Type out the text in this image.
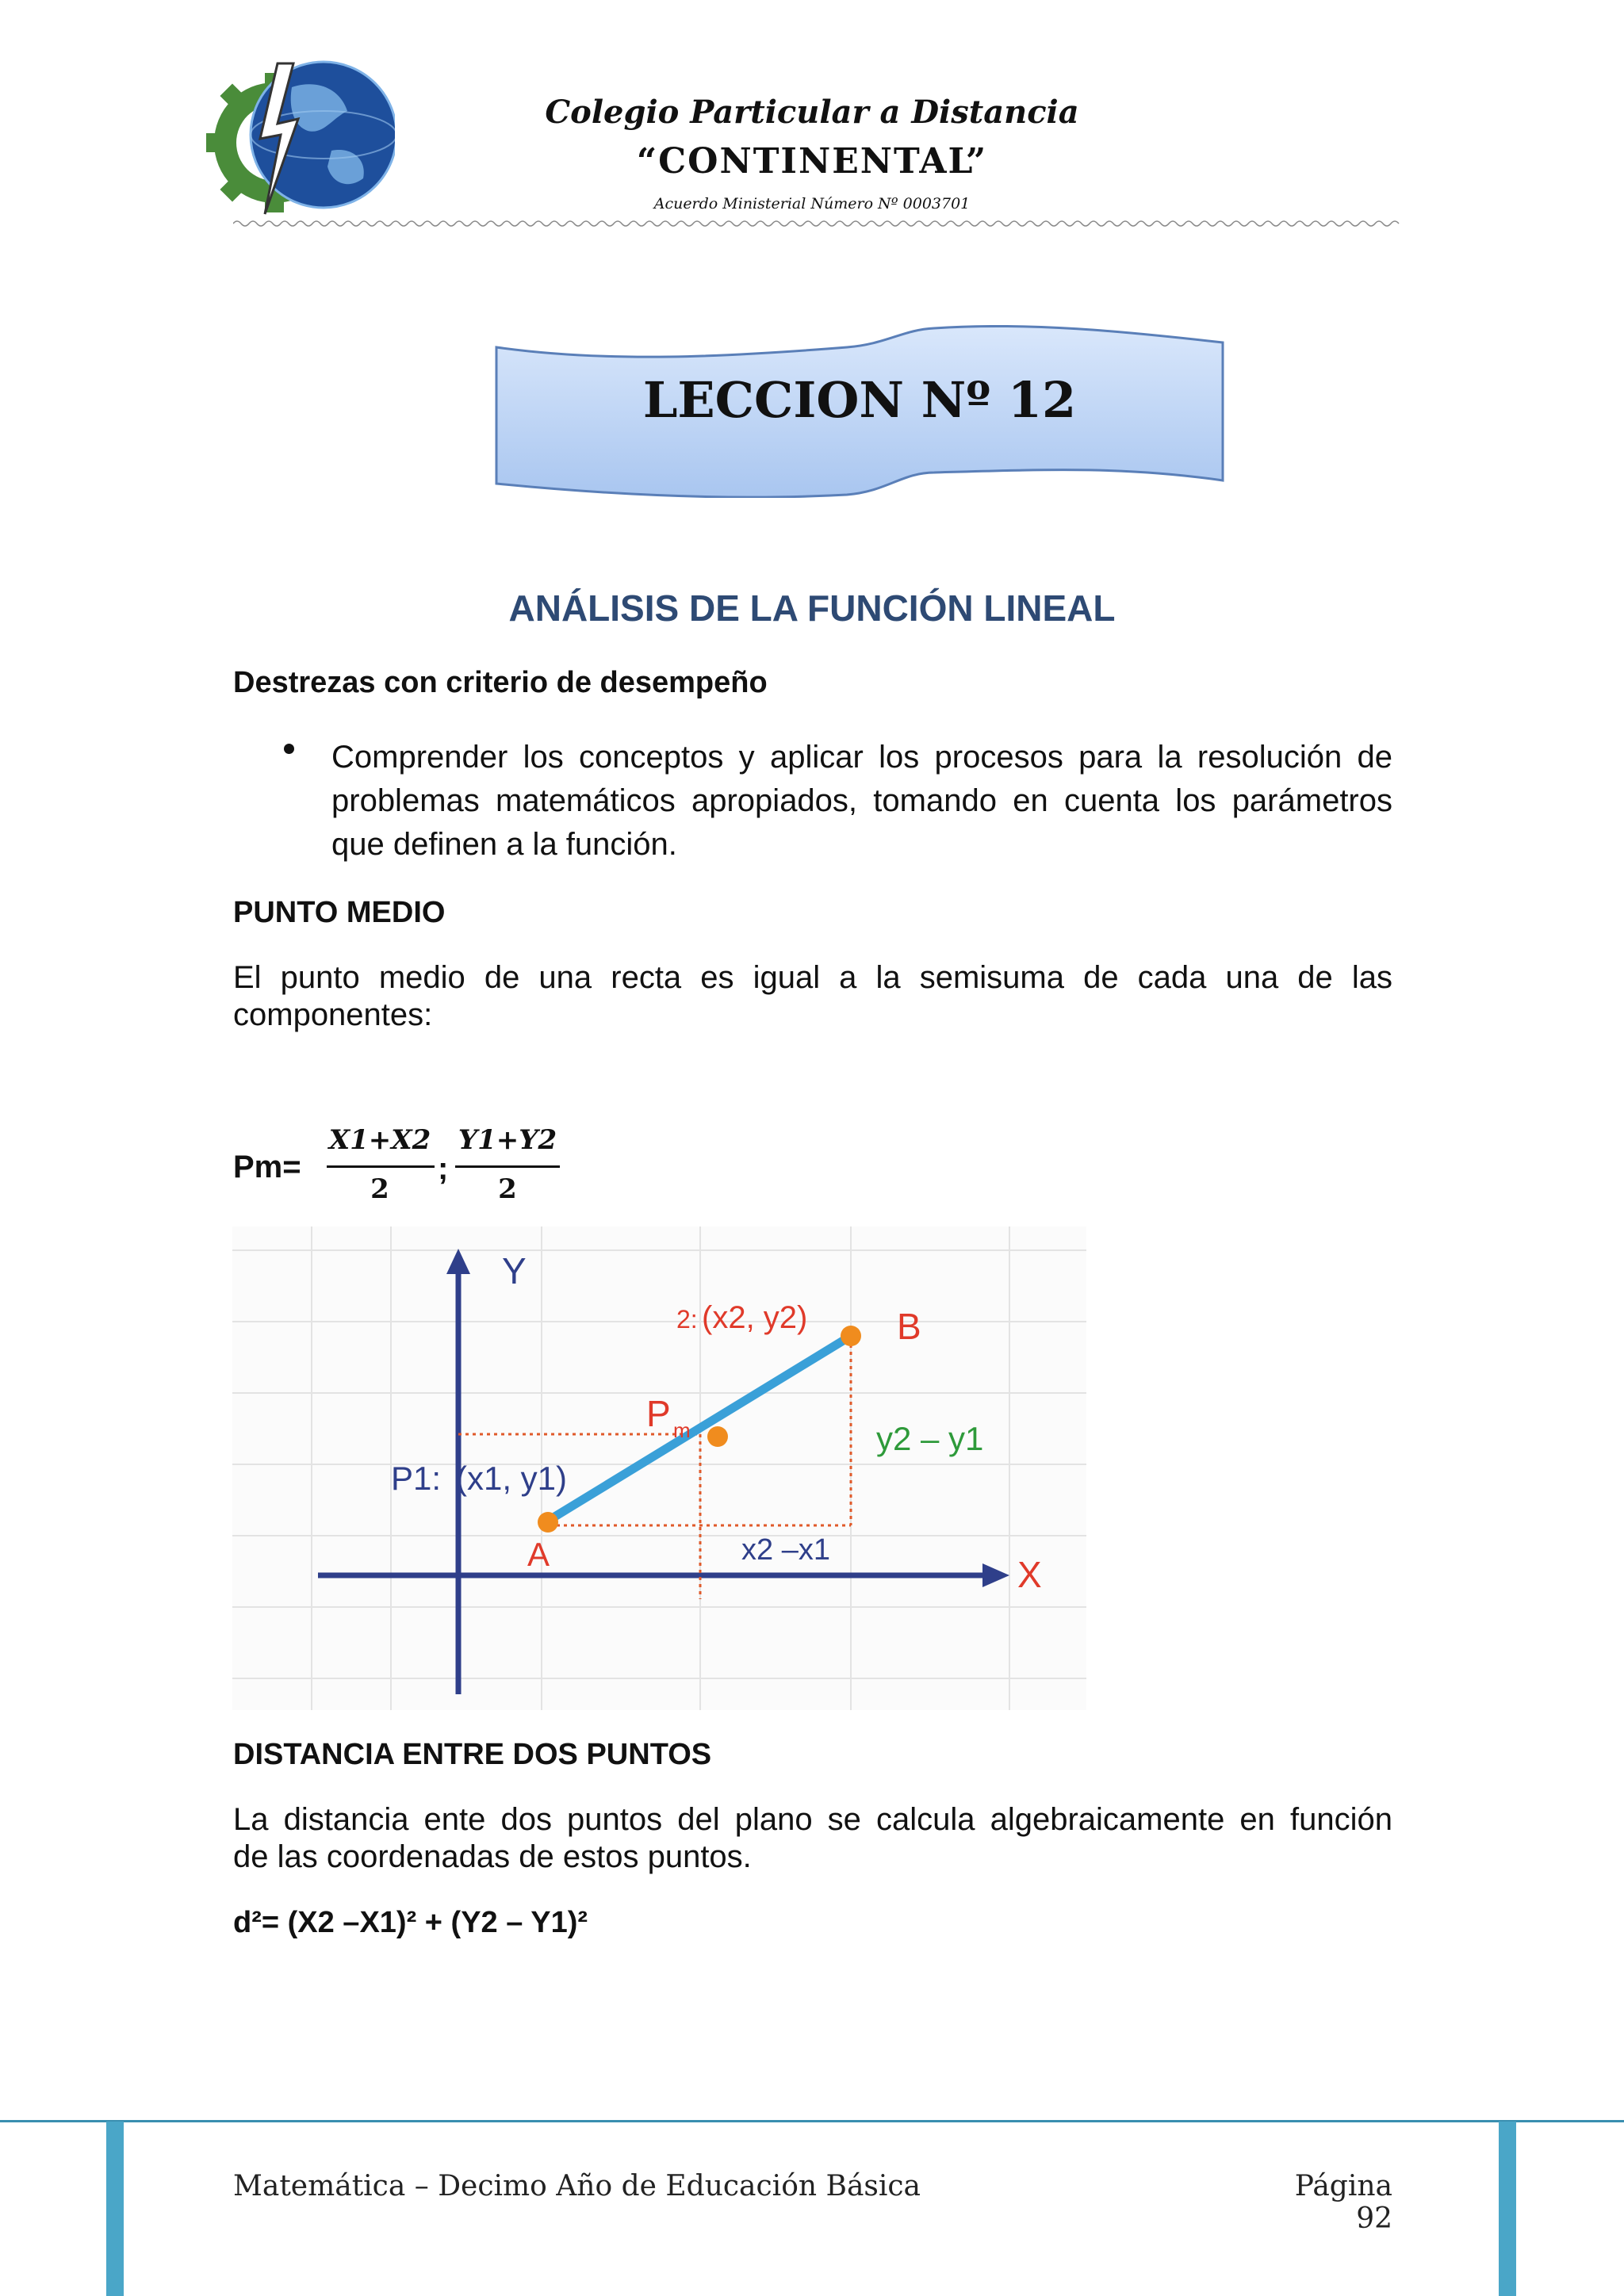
Colegio Particular a Distancia
“CONTINENTAL”
Acuerdo Ministerial Número Nº 0003701
LECCION Nº 12
ANÁLISIS DE LA FUNCIÓN LINEAL
Destrezas con criterio de desempeño
Comprender los conceptos y aplicar los procesos para la resolución de
problemas matemáticos apropiados, tomando en cuenta los parámetros
que definen a la función.
PUNTO MEDIO
El punto medio de una recta es igual a la semisuma de cada una de las
componentes:
Pm=
X1+X2
2
;
Y1+Y2
2
Y
X
2: (x2, y2) B
P m
P1: (x1, y1)
A
y2 – y1
x2 –x1
DISTANCIA ENTRE DOS PUNTOS
La distancia ente dos puntos del plano se calcula algebraicamente en función
de las coordenadas de estos puntos.
d²= (X2 –X1)² + (Y2 – Y1)²
Matemática – Decimo Año de Educación Básica	Página 92
